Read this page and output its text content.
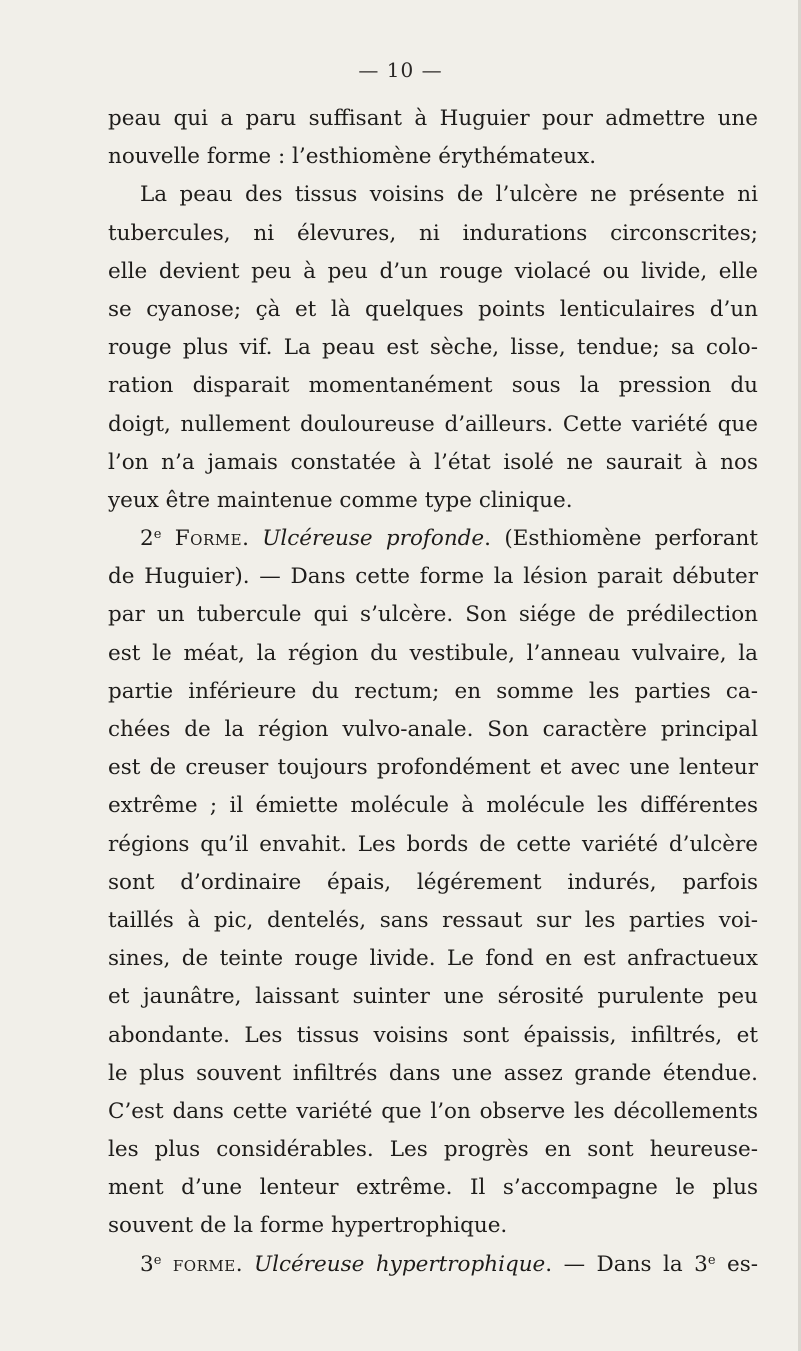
— 10 —
peau qui a paru suffisant à Huguier pour admettre une
nouvelle forme : l’esthiomène érythémateux.
La peau des tissus voisins de l’ulcère ne présente ni
tubercules, ni élevures, ni indurations circonscrites;
elle devient peu à peu d’un rouge violacé ou livide, elle
se cyanose; çà et là quelques points lenticulaires d’un
rouge plus vif. La peau est sèche, lisse, tendue; sa colo-
ration disparait momentanément sous la pression du
doigt, nullement douloureuse d’ailleurs. Cette variété que
l’on n’a jamais constatée à l’état isolé ne saurait à nos
yeux être maintenue comme type clinique.
2e Forme. Ulcéreuse profonde. (Esthiomène perforant
de Huguier). — Dans cette forme la lésion parait débuter
par un tubercule qui s’ulcère. Son siége de prédilection
est le méat, la région du vestibule, l’anneau vulvaire, la
partie inférieure du rectum; en somme les parties ca-
chées de la région vulvo-anale. Son caractère principal
est de creuser toujours profondément et avec une lenteur
extrême ; il émiette molécule à molécule les différentes
régions qu’il envahit. Les bords de cette variété d’ulcère
sont d’ordinaire épais, légérement indurés, parfois
taillés à pic, dentelés, sans ressaut sur les parties voi-
sines, de teinte rouge livide. Le fond en est anfractueux
et jaunâtre, laissant suinter une sérosité purulente peu
abondante. Les tissus voisins sont épaissis, infiltrés, et
le plus souvent infiltrés dans une assez grande étendue.
C’est dans cette variété que l’on observe les décollements
les plus considérables. Les progrès en sont heureuse-
ment d’une lenteur extrême. Il s’accompagne le plus
souvent de la forme hypertrophique.
3e forme. Ulcéreuse hypertrophique. — Dans la 3e es-
